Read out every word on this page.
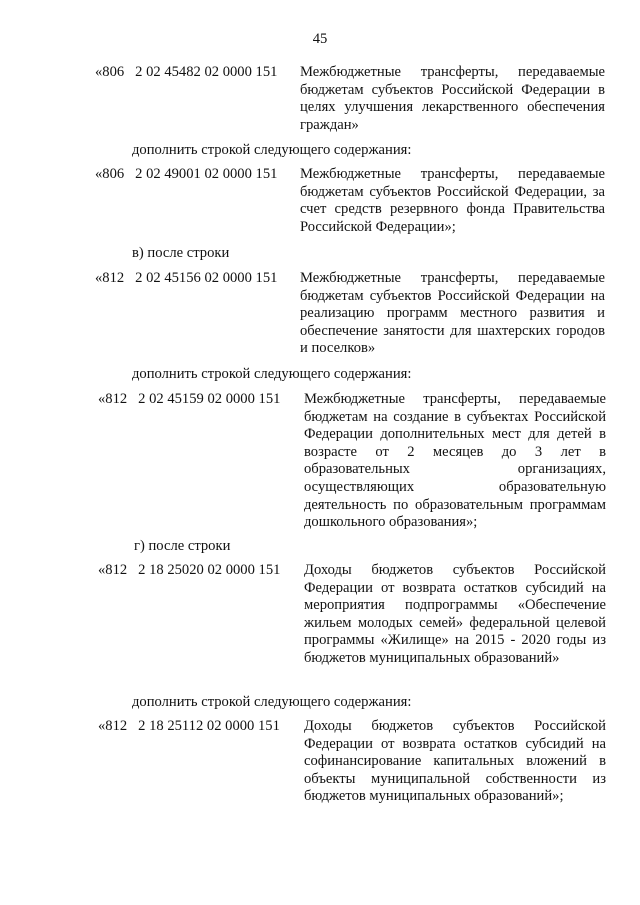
45
«806   2 02 45482 02 0000 151 Межбюджетные трансферты, передаваемые бюджетам субъектов Российской Федерации в целях улучшения лекарственного обеспечения граждан»
дополнить строкой следующего содержания:
«806   2 02 49001 02 0000 151 Межбюджетные трансферты, передаваемые бюджетам субъектов Российской Федерации, за счет средств резервного фонда Правительства Российской Федерации»;
в) после строки
«812   2 02 45156 02 0000 151 Межбюджетные трансферты, передаваемые бюджетам субъектов Российской Федерации на реализацию программ местного развития и обеспечение занятости для шахтерских городов и поселков»
дополнить строкой следующего содержания:
«812   2 02 45159 02 0000 151 Межбюджетные трансферты, передаваемые бюджетам на создание в субъектах Российской Федерации дополнительных мест для детей в возрасте от 2 месяцев до 3 лет в образовательных организациях, осуществляющих образовательную деятельность по образовательным программам дошкольного образования»;
г) после строки
«812   2 18 25020 02 0000 151 Доходы бюджетов субъектов Российской Федерации от возврата остатков субсидий на мероприятия подпрограммы «Обеспечение жильем молодых семей» федеральной целевой программы «Жилище» на 2015 - 2020 годы из бюджетов муниципальных образований»
дополнить строкой следующего содержания:
«812   2 18 25112 02 0000 151 Доходы бюджетов субъектов Российской Федерации от возврата остатков субсидий на софинансирование капитальных вложений в объекты муниципальной собственности из бюджетов муниципальных образований»;
